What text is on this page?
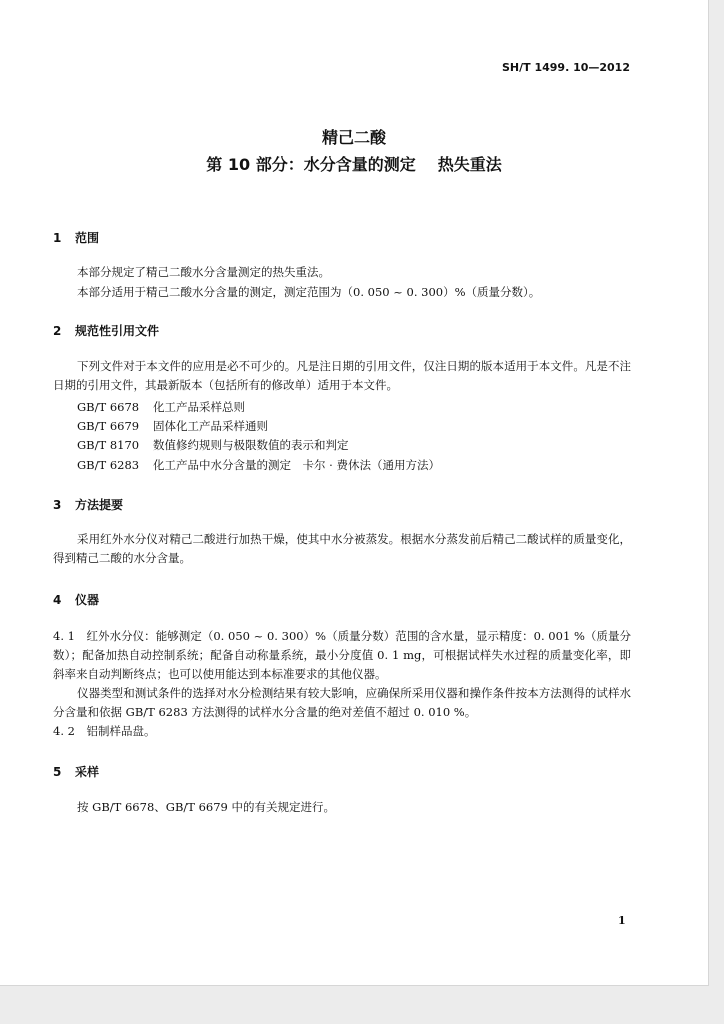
SH/T 1499. 10—2012
精己二酸
第 10 部分：水分含量的测定 热失重法
1 范围
本部分规定了精己二酸水分含量测定的热失重法。
本部分适用于精己二酸水分含量的测定，测定范围为（0. 050 ~ 0. 300）%（质量分数）。
2 规范性引用文件
下列文件对于本文件的应用是必不可少的。凡是注日期的引用文件，仅注日期的版本适用于本文件。凡是不注日期的引用文件，其最新版本（包括所有的修改单）适用于本文件。
GB/T 6678 化工产品采样总则
GB/T 6679 固体化工产品采样通则
GB/T 8170 数值修约规则与极限数值的表示和判定
GB/T 6283 化工产品中水分含量的测定　卡尔 · 费休法（通用方法）
3 方法提要
采用红外水分仪对精己二酸进行加热干燥，使其中水分被蒸发。根据水分蒸发前后精己二酸试样的质量变化，得到精己二酸的水分含量。
4 仪器
4. 1　红外水分仪：能够测定（0. 050 ~ 0. 300）%（质量分数）范围的含水量，显示精度：0. 001 %（质量分数）；配备加热自动控制系统；配备自动称量系统，最小分度值 0. 1 mg，可根据试样失水过程的质量变化率，即斜率来自动判断终点；也可以使用能达到本标准要求的其他仪器。
仪器类型和测试条件的选择对水分检测结果有较大影响，应确保所采用仪器和操作条件按本方法测得的试样水分含量和依据 GB/T 6283 方法测得的试样水分含量的绝对差值不超过 0. 010 %。
4. 2　铝制样品盘。
5 采样
按 GB/T 6678、GB/T 6679 中的有关规定进行。
1
